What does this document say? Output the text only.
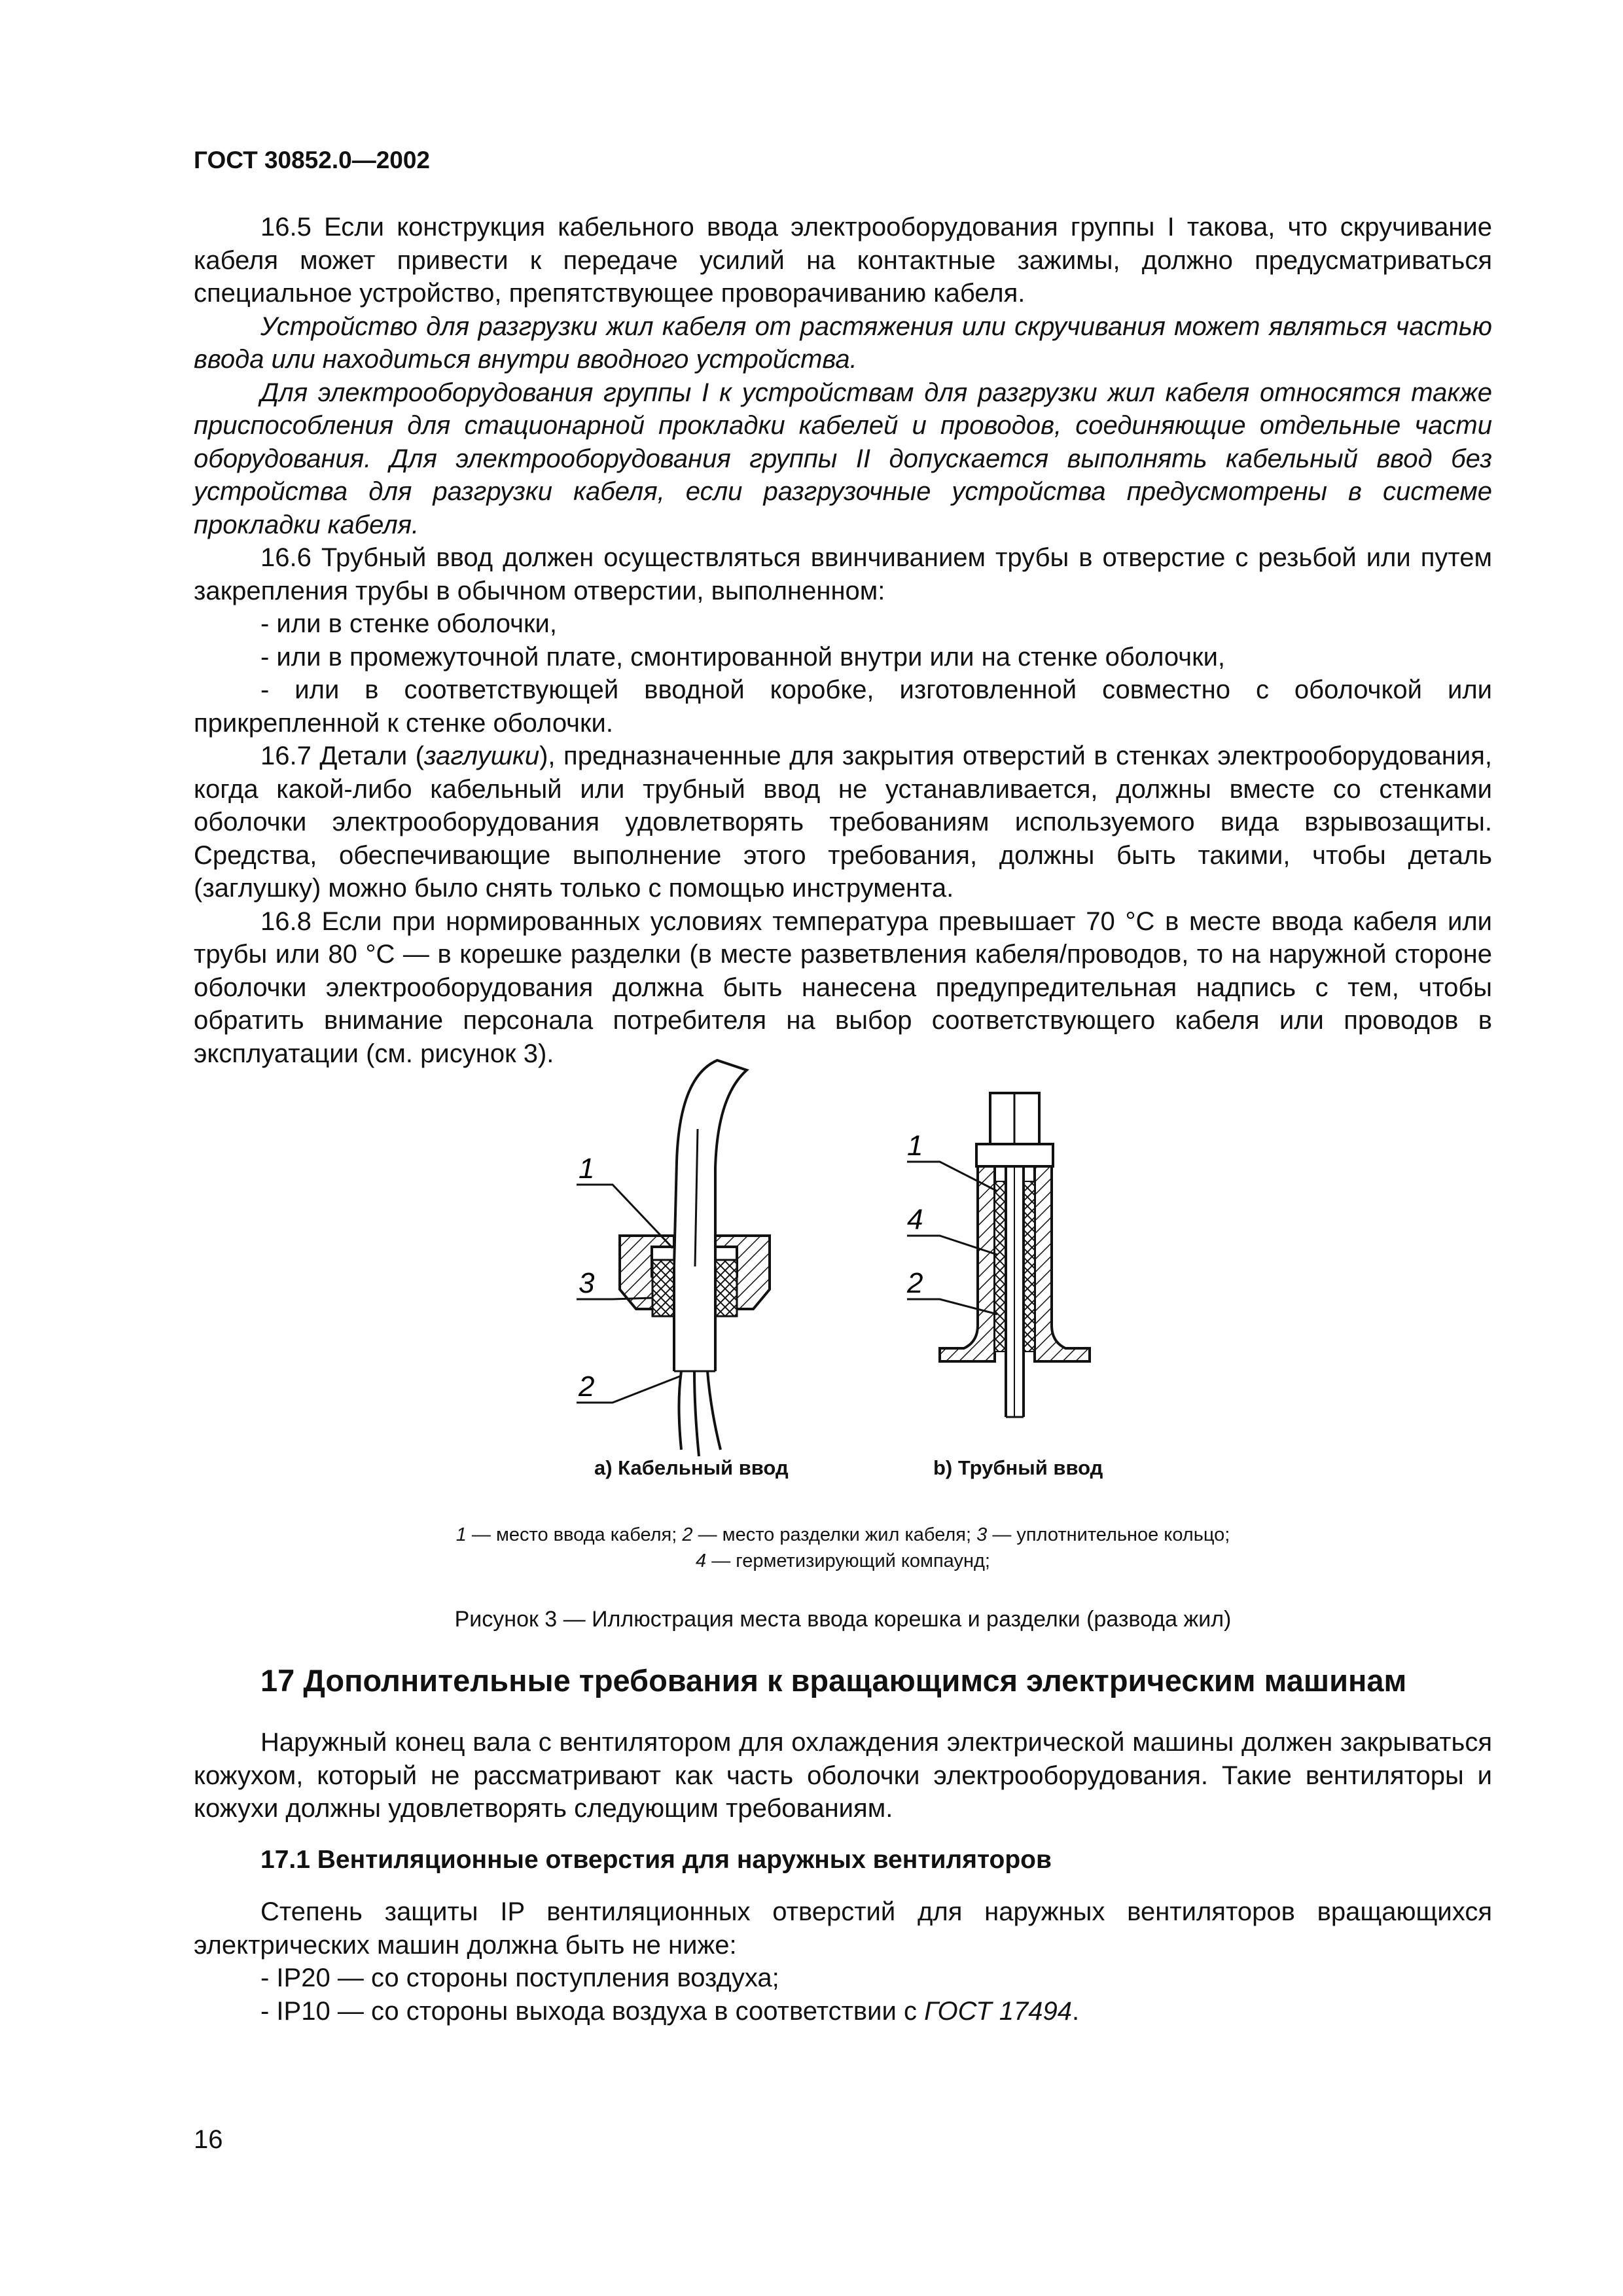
ГОСТ 30852.0—2002

16.5 Если конструкция кабельного ввода электрооборудования группы I такова, что скручивание кабеля может привести к передаче усилий на контактные зажимы, должно предусматриваться специальное устройство, препятствующее проворачиванию кабеля.

Устройство для разгрузки жил кабеля от растяжения или скручивания может являться частью ввода или находиться внутри вводного устройства.

Для электрооборудования группы I к устройствам для разгрузки жил кабеля относятся также приспособления для стационарной прокладки кабелей и проводов, соединяющие отдельные части оборудования. Для электрооборудования группы II допускается выполнять кабельный ввод без устройства для разгрузки кабеля, если разгрузочные устройства предусмотрены в системе прокладки кабеля.

16.6 Трубный ввод должен осуществляться ввинчиванием трубы в отверстие с резьбой или путем закрепления трубы в обычном отверстии, выполненном:

- или в стенке оболочки,

- или в промежуточной плате, смонтированной внутри или на стенке оболочки,

- или в соответствующей вводной коробке, изготовленной совместно с оболочкой или прикрепленной к стенке оболочки.

16.7 Детали (заглушки), предназначенные для закрытия отверстий в стенках электрооборудования, когда какой-либо кабельный или трубный ввод не устанавливается, должны вместе со стенками оболочки электрооборудования удовлетворять требованиям используемого вида взрывозащиты. Средства, обеспечивающие выполнение этого требования, должны быть такими, чтобы деталь (заглушку) можно было снять только с помощью инструмента.

16.8 Если при нормированных условиях температура превышает 70 °С в месте ввода кабеля или трубы или 80 °С — в корешке разделки (в месте разветвления кабеля/проводов, то на наружной стороне оболочки электрооборудования должна быть нанесена предупредительная надпись с тем, чтобы обратить внимание персонала потребителя на выбор соответствующего кабеля или проводов в эксплуатации (см. рисунок 3).

1
3
2
1
4
2
a) Кабельный ввод	b) Трубный ввод
1 — место ввода кабеля; 2 — место разделки жил кабеля; 3 — уплотнительное кольцо;
4 — герметизирующий компаунд;
Рисунок 3 — Иллюстрация места ввода корешка и разделки (развода жил)
17 Дополнительные требования к вращающимся электрическим машинам

Наружный конец вала с вентилятором для охлаждения электрической машины должен закрываться кожухом, который не рассматривают как часть оболочки электрооборудования. Такие вентиляторы и кожухи должны удовлетворять следующим требованиям.

17.1 Вентиляционные отверстия для наружных вентиляторов

Степень защиты IP вентиляционных отверстий для наружных вентиляторов вращающихся электрических машин должна быть не ниже:

- IP20 — со стороны поступления воздуха;

- IP10 — со стороны выхода воздуха в соответствии с ГОСТ 17494.

16
